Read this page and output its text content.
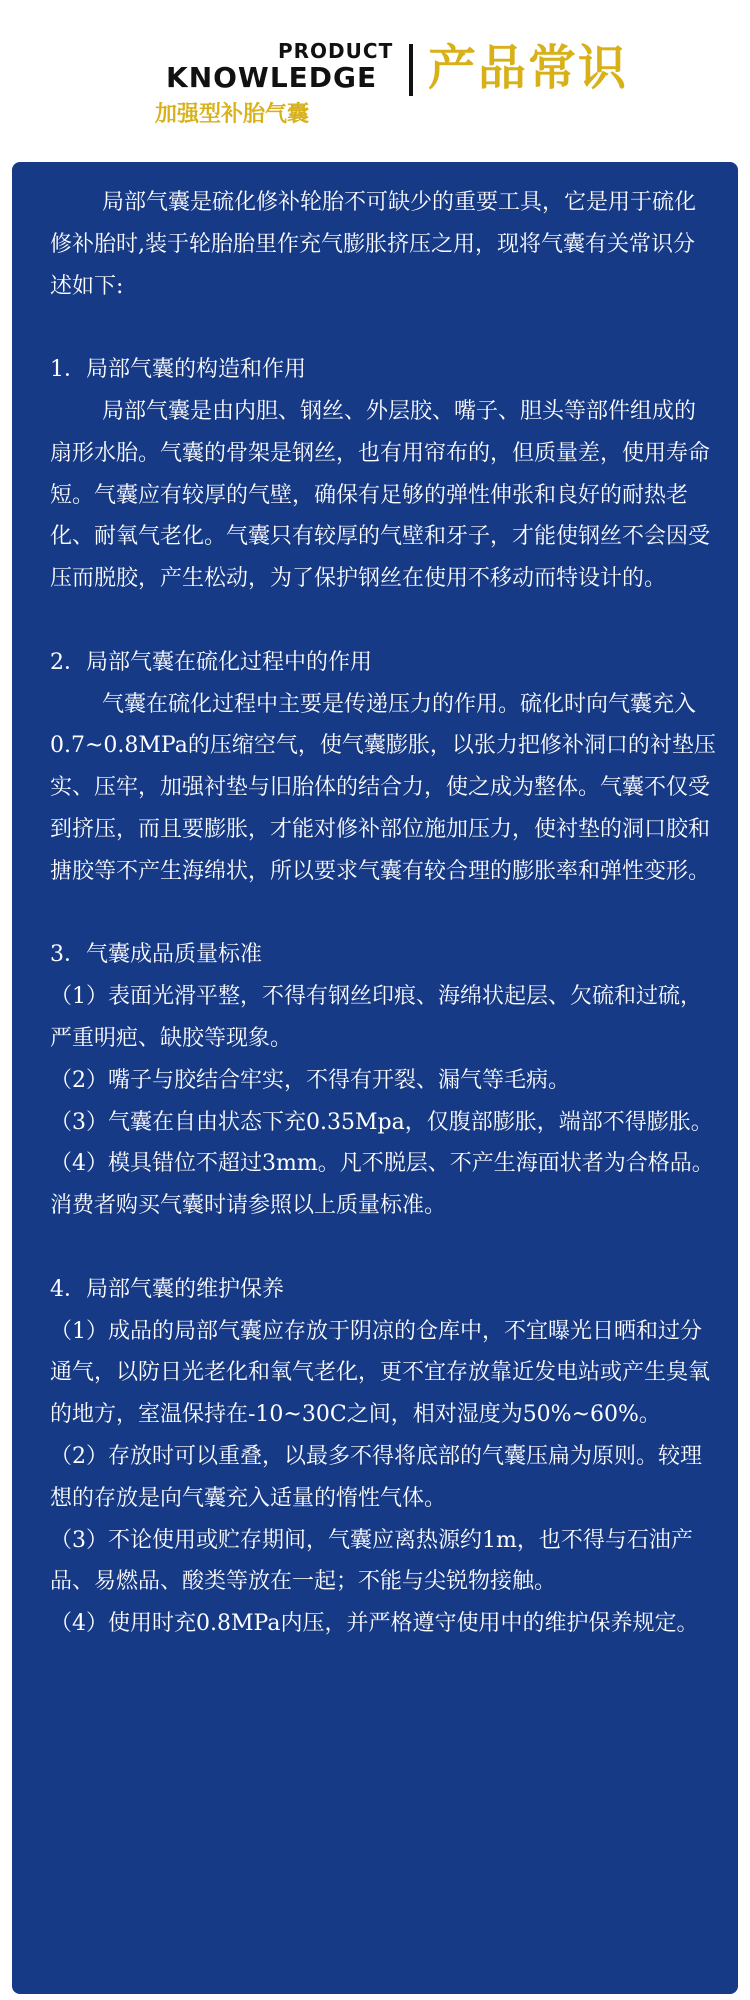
PRODUCT
KNOWLEDGE 产品常识
加强型补胎气囊

局部气囊是硫化修补轮胎不可缺少的重要工具，它是用于硫化修补胎时,装于轮胎胎里作充气膨胀挤压之用，现将气囊有关常识分述如下:

1．局部气囊的构造和作用

局部气囊是由内胆、钢丝、外层胶、嘴子、胆头等部件组成的扇形水胎。气囊的骨架是钢丝，也有用帘布的，但质量差，使用寿命短。气囊应有较厚的气壁，确保有足够的弹性伸张和良好的耐热老化、耐氧气老化。气囊只有较厚的气壁和牙子，才能使钢丝不会因受压而脱胶，产生松动，为了保护钢丝在使用不移动而特设计的。

2．局部气囊在硫化过程中的作用

气囊在硫化过程中主要是传递压力的作用。硫化时向气囊充入0.7~0.8MPa的压缩空气，使气囊膨胀，以张力把修补洞口的衬垫压实、压牢，加强衬垫与旧胎体的结合力，使之成为整体。气囊不仅受到挤压，而且要膨胀，才能对修补部位施加压力，使衬垫的洞口胶和搪胶等不产生海绵状，所以要求气囊有较合理的膨胀率和弹性变形。

3．气囊成品质量标准

（1）表面光滑平整，不得有钢丝印痕、海绵状起层、欠硫和过硫，严重明疤、缺胶等现象。

（2）嘴子与胶结合牢实，不得有开裂、漏气等毛病。

（3）气囊在自由状态下充0.35Mpa，仅腹部膨胀，端部不得膨胀。

（4）模具错位不超过3mm。凡不脱层、不产生海面状者为合格品。

消费者购买气囊时请参照以上质量标准。

4．局部气囊的维护保养

（1）成品的局部气囊应存放于阴凉的仓库中，不宜曝光日晒和过分通气，以防日光老化和氧气老化，更不宜存放靠近发电站或产生臭氧的地方，室温保持在-10~30C之间，相对湿度为50%~60%。

（2）存放时可以重叠，以最多不得将底部的气囊压扁为原则。较理想的存放是向气囊充入适量的惰性气体。

（3）不论使用或贮存期间，气囊应离热源约1m，也不得与石油产品、易燃品、酸类等放在一起；不能与尖锐物接触。

（4）使用时充0.8MPa内压，并严格遵守使用中的维护保养规定。
